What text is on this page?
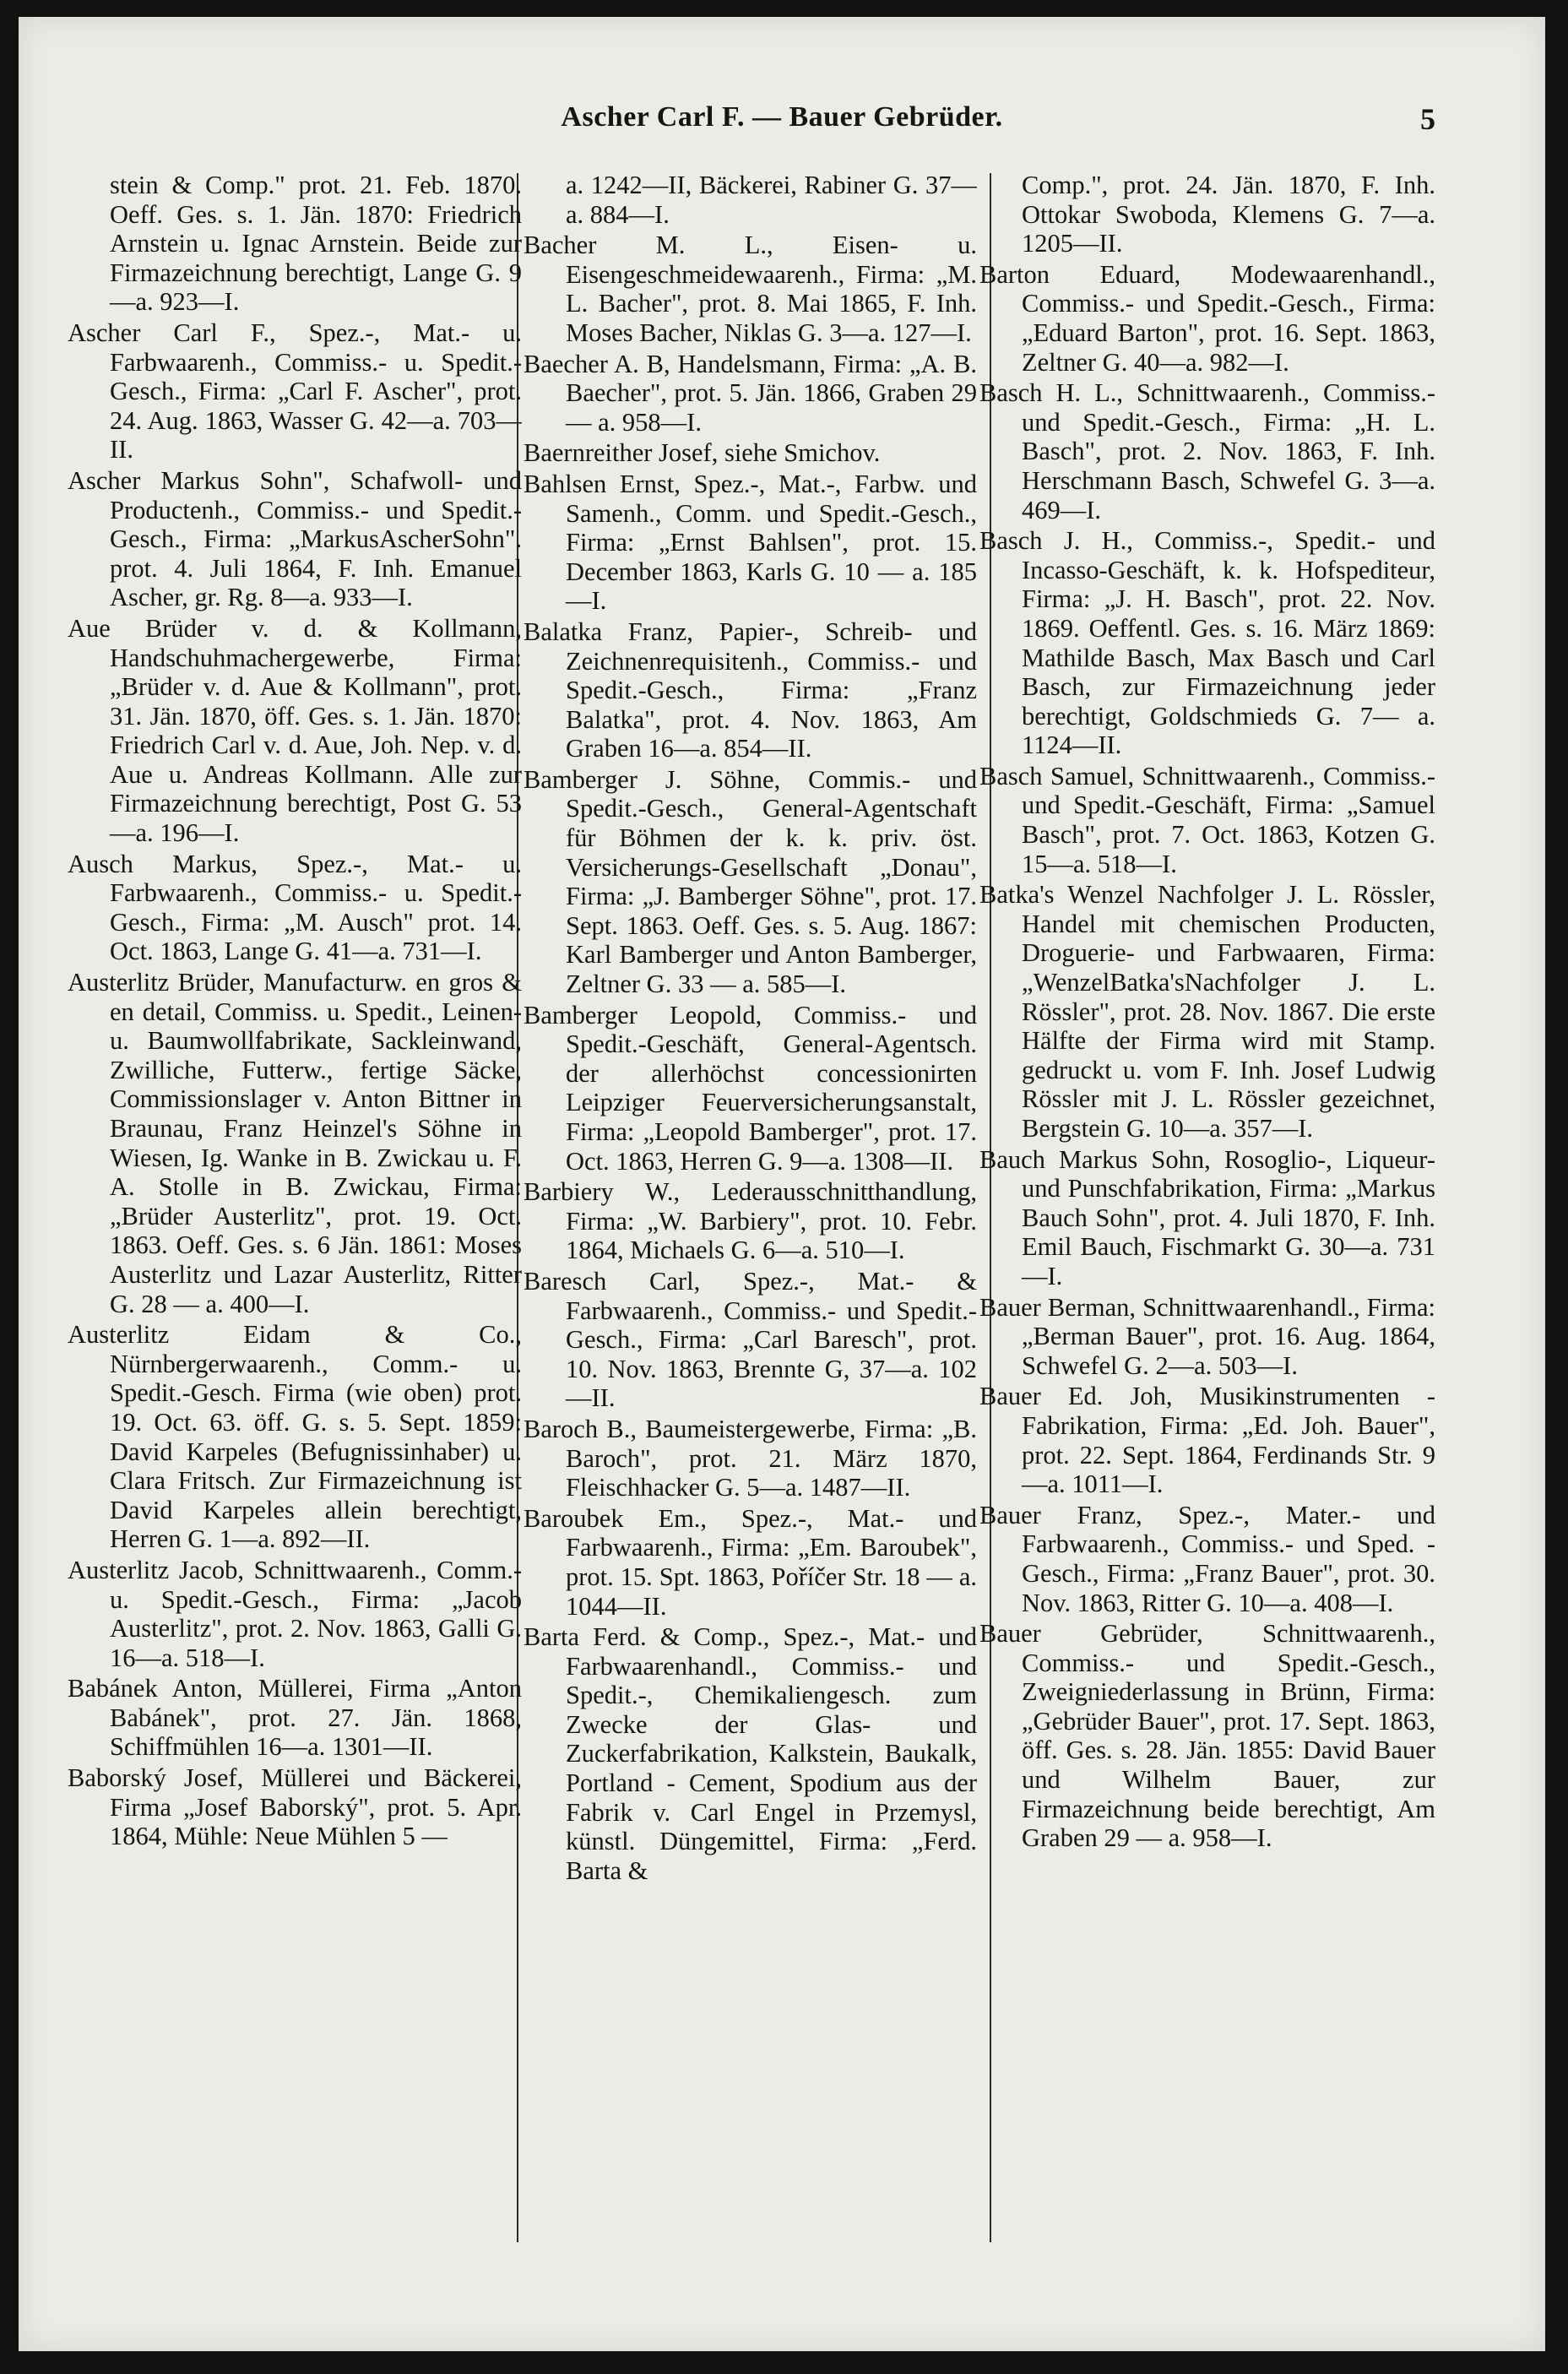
Ascher Carl F. — Bauer Gebrüder.	5

stein & Comp." prot. 21. Feb. 1870. Oeff. Ges. s. 1. Jän. 1870: Friedrich Arnstein u. Ignac Arnstein. Beide zur Firmazeichnung berechtigt, Lange G. 9—a. 923—I.

Ascher Carl F., Spez.-, Mat.- u. Farbwaarenh., Commiss.- u. Spedit.- Gesch., Firma: „Carl F. Ascher", prot. 24. Aug. 1863, Wasser G. 42—a. 703—II.

Ascher Markus Sohn", Schafwoll- und Productenh., Commiss.- und Spedit.-Gesch., Firma: „MarkusAscherSohn". prot. 4. Juli 1864, F. Inh. Emanuel Ascher, gr. Rg. 8—a. 933—I.

Aue Brüder v. d. & Kollmann, Handschuhmachergewerbe, Firma: „Brüder v. d. Aue & Kollmann", prot. 31. Jän. 1870, öff. Ges. s. 1. Jän. 1870: Friedrich Carl v. d. Aue, Joh. Nep. v. d. Aue u. Andreas Kollmann. Alle zur Firmazeichnung berechtigt, Post G. 53—a. 196—I.

Ausch Markus, Spez.-, Mat.- u. Farbwaarenh., Commiss.- u. Spedit.-Gesch., Firma: „M. Ausch" prot. 14. Oct. 1863, Lange G. 41—a. 731—I.

Austerlitz Brüder, Manufacturw. en gros & en detail, Commiss. u. Spedit., Leinen- u. Baumwollfabrikate, Sackleinwand, Zwilliche, Futterw., fertige Säcke, Commissionslager v. Anton Bittner in Braunau, Franz Heinzel's Söhne in Wiesen, Ig. Wanke in B. Zwickau u. F. A. Stolle in B. Zwickau, Firma: „Brüder Austerlitz", prot. 19. Oct. 1863. Oeff. Ges. s. 6 Jän. 1861: Moses Austerlitz und Lazar Austerlitz, Ritter G. 28 — a. 400—I.

Austerlitz Eidam & Co., Nürnbergerwaarenh., Comm.- u. Spedit.-Gesch. Firma (wie oben) prot. 19. Oct. 63. öff. G. s. 5. Sept. 1859: David Karpeles (Befugnissinhaber) u. Clara Fritsch. Zur Firmazeichnung ist David Karpeles allein berechtigt, Herren G. 1—a. 892—II.

Austerlitz Jacob, Schnittwaarenh., Comm.- u. Spedit.-Gesch., Firma: „Jacob Austerlitz", prot. 2. Nov. 1863, Galli G. 16—a. 518—I.

Babánek Anton, Müllerei, Firma „Anton Babánek", prot. 27. Jän. 1868, Schiffmühlen 16—a. 1301—II.

Baborský Josef, Müllerei und Bäckerei, Firma „Josef Baborský", prot. 5. Apr. 1864, Mühle: Neue Mühlen 5 —

a. 1242—II, Bäckerei, Rabiner G. 37—a. 884—I.

Bacher M. L., Eisen- u. Eisengeschmeidewaarenh., Firma: „M. L. Bacher", prot. 8. Mai 1865, F. Inh. Moses Bacher, Niklas G. 3—a. 127—I.

Baecher A. B, Handelsmann, Firma: „A. B. Baecher", prot. 5. Jän. 1866, Graben 29 — a. 958—I.

Baernreither Josef, siehe Smichov.

Bahlsen Ernst, Spez.-, Mat.-, Farbw. und Samenh., Comm. und Spedit.-Gesch., Firma: „Ernst Bahlsen", prot. 15. December 1863, Karls G. 10 — a. 185—I.

Balatka Franz, Papier-, Schreib- und Zeichnenrequisitenh., Commiss.- und Spedit.-Gesch., Firma: „Franz Balatka", prot. 4. Nov. 1863, Am Graben 16—a. 854—II.

Bamberger J. Söhne, Commis.- und Spedit.-Gesch., General-Agentschaft für Böhmen der k. k. priv. öst. Versicherungs-Gesellschaft „Donau", Firma: „J. Bamberger Söhne", prot. 17. Sept. 1863. Oeff. Ges. s. 5. Aug. 1867: Karl Bamberger und Anton Bamberger, Zeltner G. 33 — a. 585—I.

Bamberger Leopold, Commiss.- und Spedit.-Geschäft, General-Agentsch. der allerhöchst concessionirten Leipziger Feuerversicherungsanstalt, Firma: „Leopold Bamberger", prot. 17. Oct. 1863, Herren G. 9—a. 1308—II.

Barbiery W., Lederausschnitthandlung, Firma: „W. Barbiery", prot. 10. Febr. 1864, Michaels G. 6—a. 510—I.

Baresch Carl, Spez.-, Mat.- & Farbwaarenh., Commiss.- und Spedit.-Gesch., Firma: „Carl Baresch", prot. 10. Nov. 1863, Brennte G, 37—a. 102—II.

Baroch B., Baumeistergewerbe, Firma: „B. Baroch", prot. 21. März 1870, Fleischhacker G. 5—a. 1487—II.

Baroubek Em., Spez.-, Mat.- und Farbwaarenh., Firma: „Em. Baroubek", prot. 15. Spt. 1863, Poříčer Str. 18 — a. 1044—II.

Barta Ferd. & Comp., Spez.-, Mat.- und Farbwaarenhandl., Commiss.- und Spedit.-, Chemikaliengesch. zum Zwecke der Glas- und Zuckerfabrikation, Kalkstein, Baukalk, Portland - Cement, Spodium aus der Fabrik v. Carl Engel in Przemysl, künstl. Düngemittel, Firma: „Ferd. Barta &

Comp.", prot. 24. Jän. 1870, F. Inh. Ottokar Swoboda, Klemens G. 7—a. 1205—II.

Barton Eduard, Modewaarenhandl., Commiss.- und Spedit.-Gesch., Firma: „Eduard Barton", prot. 16. Sept. 1863, Zeltner G. 40—a. 982—I.

Basch H. L., Schnittwaarenh., Commiss.- und Spedit.-Gesch., Firma: „H. L. Basch", prot. 2. Nov. 1863, F. Inh. Herschmann Basch, Schwefel G. 3—a. 469—I.

Basch J. H., Commiss.-, Spedit.- und Incasso-Geschäft, k. k. Hofspediteur, Firma: „J. H. Basch", prot. 22. Nov. 1869. Oeffentl. Ges. s. 16. März 1869: Mathilde Basch, Max Basch und Carl Basch, zur Firmazeichnung jeder berechtigt, Goldschmieds G. 7— a. 1124—II.

Basch Samuel, Schnittwaarenh., Commiss.- und Spedit.-Geschäft, Firma: „Samuel Basch", prot. 7. Oct. 1863, Kotzen G. 15—a. 518—I.

Batka's Wenzel Nachfolger J. L. Rössler, Handel mit chemischen Producten, Droguerie- und Farbwaaren, Firma: „WenzelBatka'sNachfolger J. L. Rössler", prot. 28. Nov. 1867. Die erste Hälfte der Firma wird mit Stamp. gedruckt u. vom F. Inh. Josef Ludwig Rössler mit J. L. Rössler gezeichnet, Bergstein G. 10—a. 357—I.

Bauch Markus Sohn, Rosoglio-, Liqueur- und Punschfabrikation, Firma: „Markus Bauch Sohn", prot. 4. Juli 1870, F. Inh. Emil Bauch, Fischmarkt G. 30—a. 731—I.

Bauer Berman, Schnittwaarenhandl., Firma: „Berman Bauer", prot. 16. Aug. 1864, Schwefel G. 2—a. 503—I.

Bauer Ed. Joh, Musikinstrumenten - Fabrikation, Firma: „Ed. Joh. Bauer", prot. 22. Sept. 1864, Ferdinands Str. 9—a. 1011—I.

Bauer Franz, Spez.-, Mater.- und Farbwaarenh., Commiss.- und Sped. - Gesch., Firma: „Franz Bauer", prot. 30. Nov. 1863, Ritter G. 10—a. 408—I.

Bauer Gebrüder, Schnittwaarenh., Commiss.- und Spedit.-Gesch., Zweigniederlassung in Brünn, Firma: „Gebrüder Bauer", prot. 17. Sept. 1863, öff. Ges. s. 28. Jän. 1855: David Bauer und Wilhelm Bauer, zur Firmazeichnung beide berechtigt, Am Graben 29 — a. 958—I.
